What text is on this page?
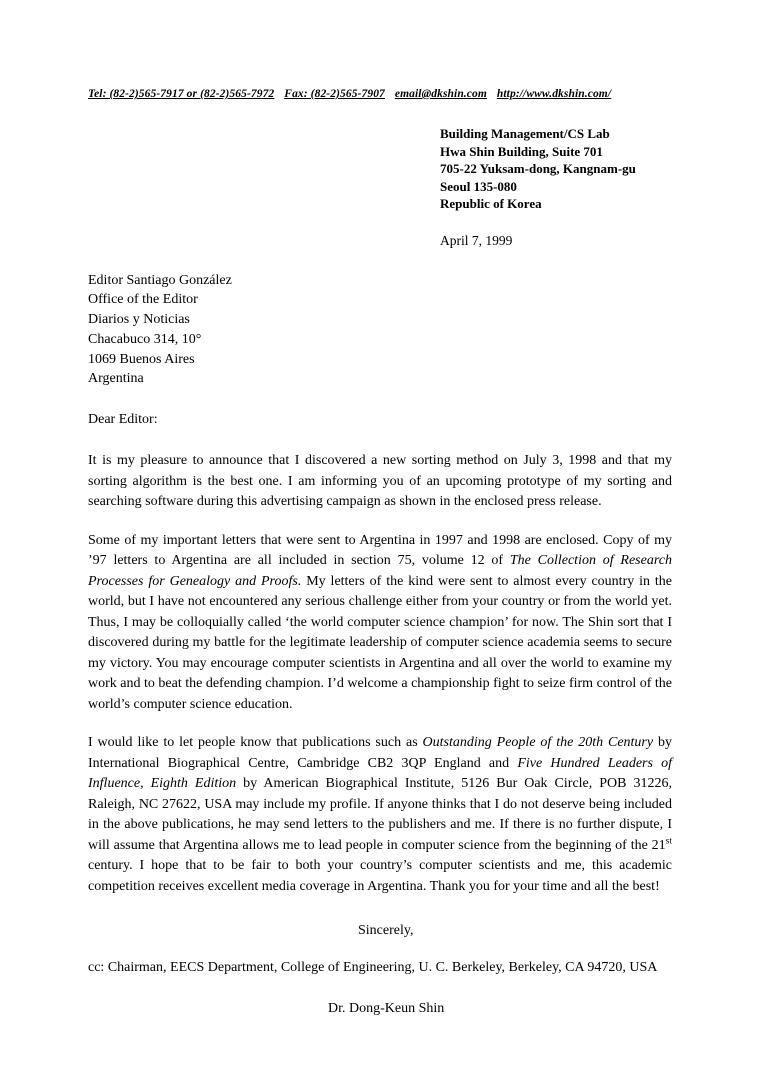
Tel: (82-2)565-7917 or (82-2)565-7972 Fax: (82-2)565-7907 email@dkshin.com http://www.dkshin.com/
Building Management/CS Lab
Hwa Shin Building, Suite 701
705-22 Yuksam-dong, Kangnam-gu
Seoul 135-080
Republic of Korea
April 7, 1999
Editor Santiago González
Office of the Editor
Diarios y Noticias
Chacabuco 314, 10°
1069 Buenos Aires
Argentina
Dear Editor:

It is my pleasure to announce that I discovered a new sorting method on July 3, 1998 and that my sorting algorithm is the best one. I am informing you of an upcoming prototype of my sorting and searching software during this advertising campaign as shown in the enclosed press release.

Some of my important letters that were sent to Argentina in 1997 and 1998 are enclosed. Copy of my ’97 letters to Argentina are all included in section 75, volume 12 of The Collection of Research Processes for Genealogy and Proofs. My letters of the kind were sent to almost every country in the world, but I have not encountered any serious challenge either from your country or from the world yet. Thus, I may be colloquially called ‘the world computer science champion’ for now. The Shin sort that I discovered during my battle for the legitimate leadership of computer science academia seems to secure my victory. You may encourage computer scientists in Argentina and all over the world to examine my work and to beat the defending champion. I’d welcome a championship fight to seize firm control of the world’s computer science education.

I would like to let people know that publications such as Outstanding People of the 20th Century by International Biographical Centre, Cambridge CB2 3QP England and Five Hundred Leaders of Influence, Eighth Edition by American Biographical Institute, 5126 Bur Oak Circle, POB 31226, Raleigh, NC 27622, USA may include my profile. If anyone thinks that I do not deserve being included in the above publications, he may send letters to the publishers and me. If there is no further dispute, I will assume that Argentina allows me to lead people in computer science from the beginning of the 21st century. I hope that to be fair to both your country’s computer scientists and me, this academic competition receives excellent media coverage in Argentina. Thank you for your time and all the best!

Sincerely,
Dr. Dong-Keun Shin
cc: Chairman, EECS Department, College of Engineering, U. C. Berkeley, Berkeley, CA 94720, USA
